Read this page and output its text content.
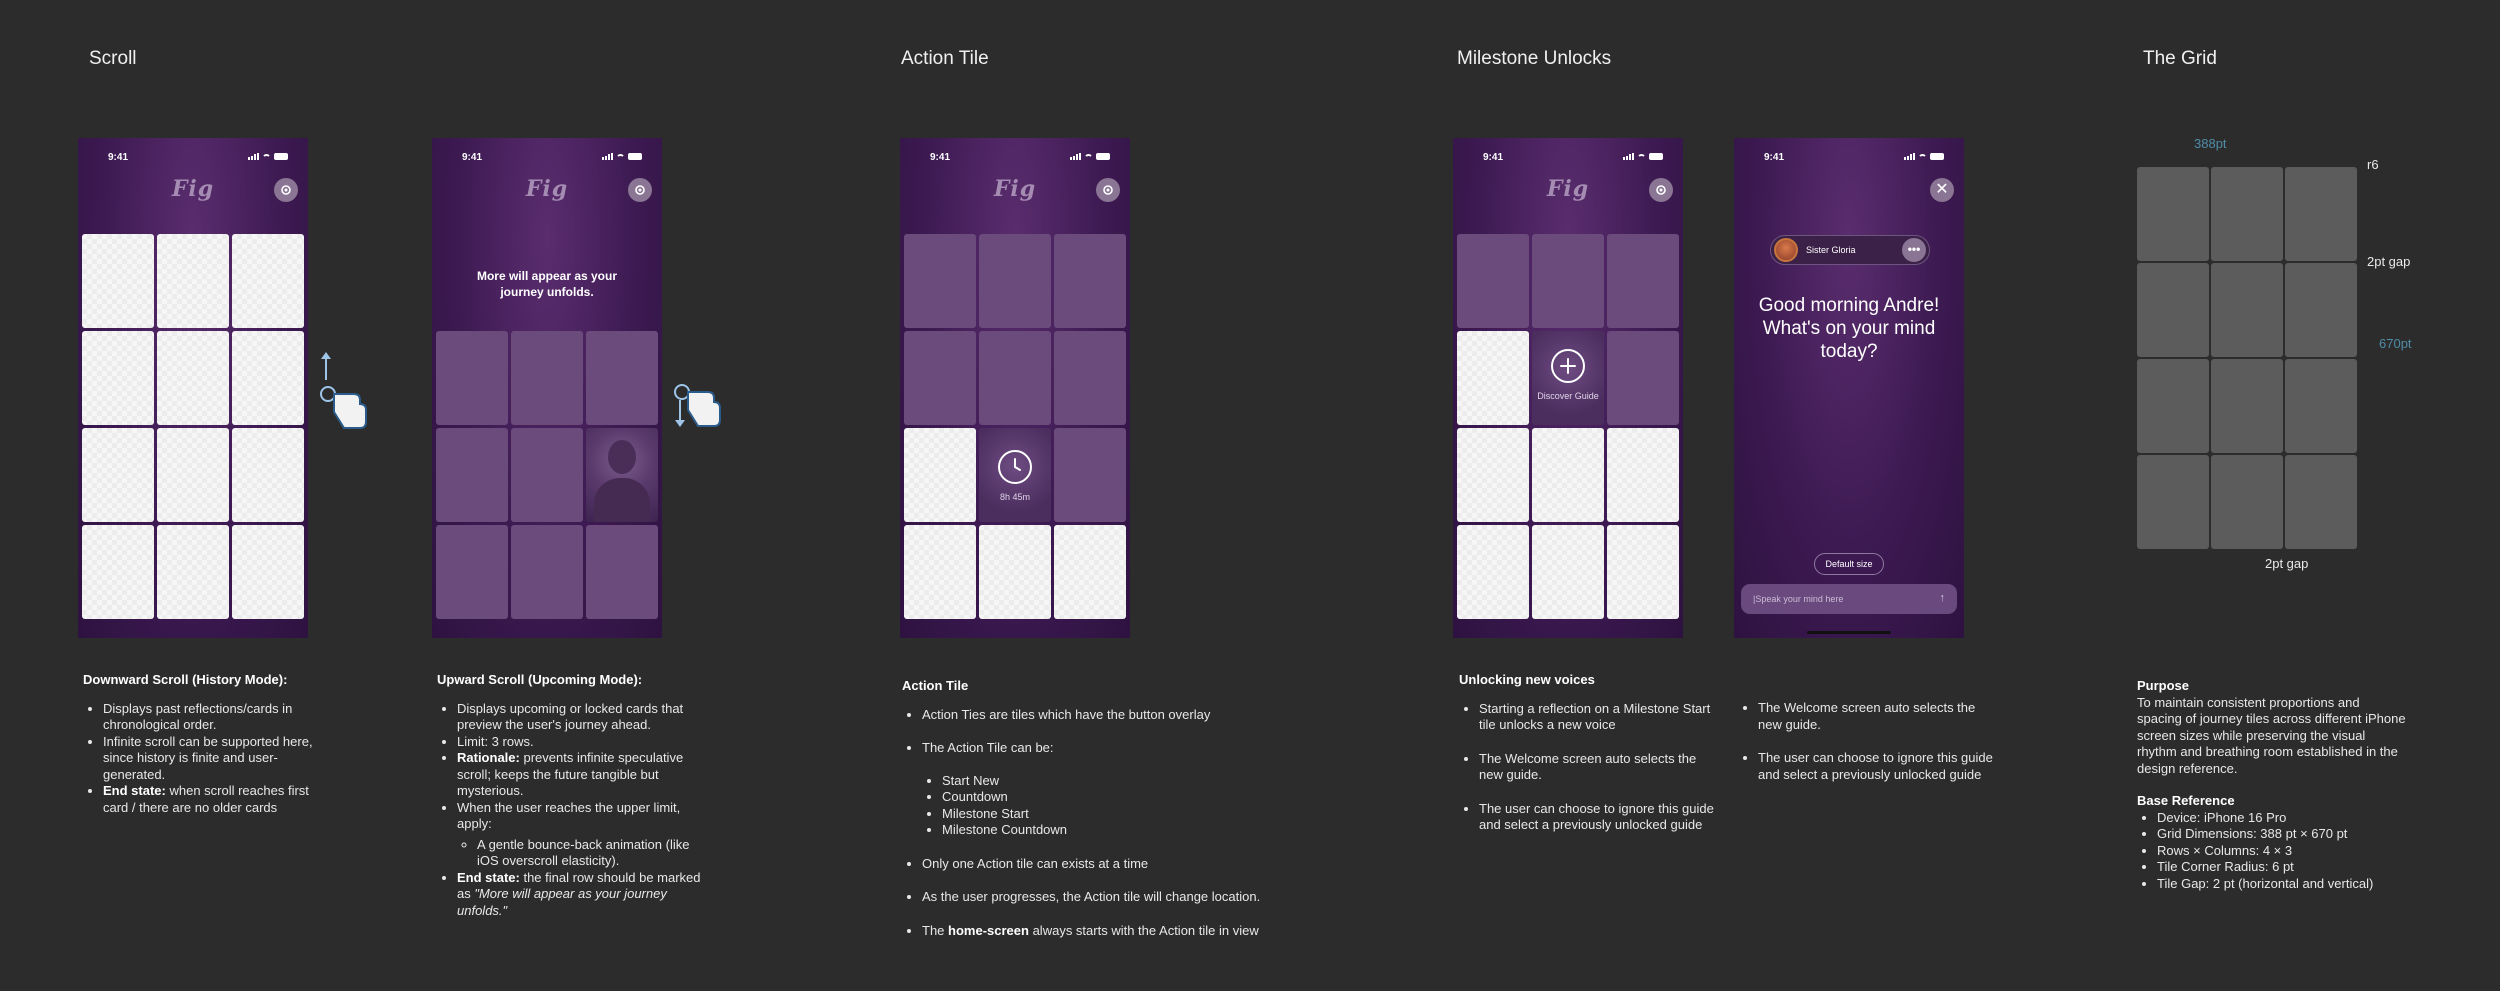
Scroll	Action Tile	Milestone Unlocks	The Grid
9:41
Fig
9:41
Fig
More will appear as your journey unfolds.
9:41
Fig
8h 45m
9:41
Fig
Discover Guide
9:41
✕
Sister Gloria	•••
Good morning Andre! What's on your mind today?
Default size
|Speak your mind here
↑
Downward Scroll (History Mode):
• Displays past reflections/cards in chronological order.
• Infinite scroll can be supported here, since history is finite and user-generated.
• End state: when scroll reaches first card / there are no older cards
Upward Scroll (Upcoming Mode):
• Displays upcoming or locked cards that preview the user's journey ahead.
• Limit: 3 rows.
• Rationale: prevents infinite speculative scroll; keeps the future tangible but mysterious.
• When the user reaches the upper limit, apply:
◦ A gentle bounce-back animation (like iOS overscroll elasticity).
• End state: the final row should be marked as "More will appear as your journey unfolds."
Action Tile
• Action Ties are tiles which have the button overlay
• The Action Tile can be:
• Start New
• Countdown
• Milestone Start
• Milestone Countdown
• Only one Action tile can exists at a time
• As the user progresses, the Action tile will change location.
• The home-screen always starts with the Action tile in view
Unlocking new voices
• Starting a reflection on a Milestone Start tile unlocks a new voice
• The Welcome screen auto selects the new guide.
• The user can choose to ignore this guide and select a previously unlocked guide
• The Welcome screen auto selects the new guide.
• The user can choose to ignore this guide and select a previously unlocked guide
388pt
r6
2pt gap
670pt
2pt gap
Purpose
To maintain consistent proportions and spacing of journey tiles across different iPhone screen sizes while preserving the visual rhythm and breathing room established in the design reference.
Base Reference
• Device: iPhone 16 Pro
• Grid Dimensions: 388 pt × 670 pt
• Rows × Columns: 4 × 3
• Tile Corner Radius: 6 pt
• Tile Gap: 2 pt (horizontal and vertical)
